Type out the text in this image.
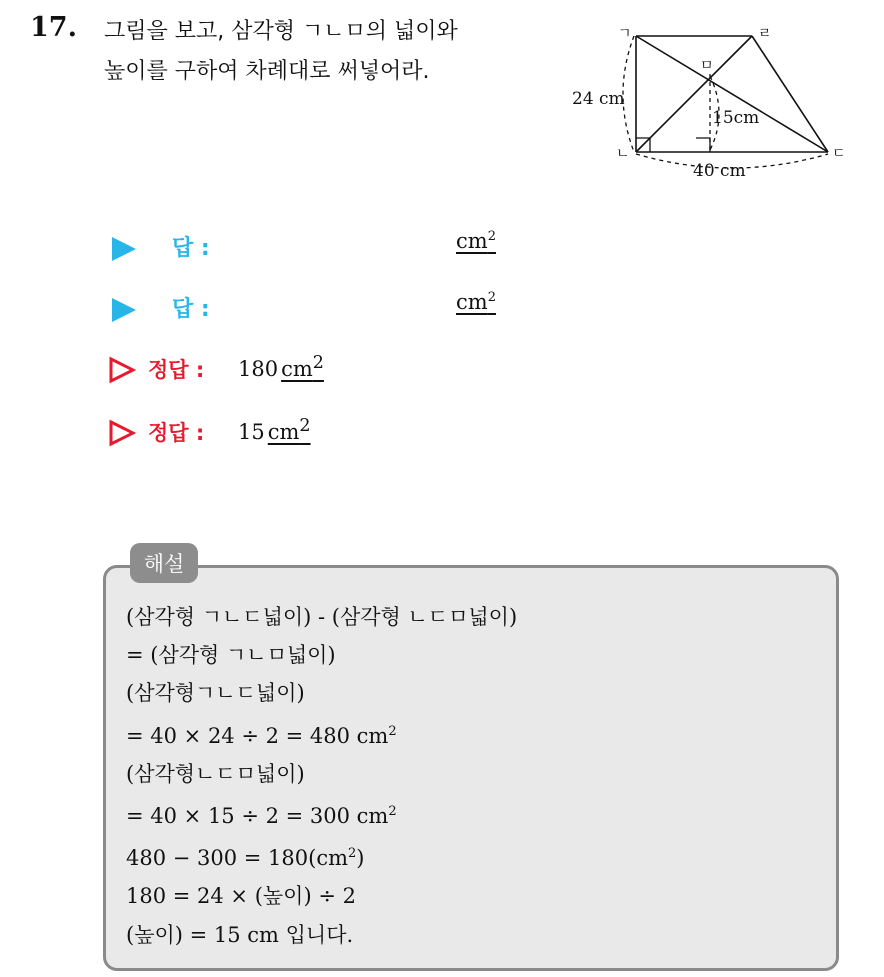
17. 그림을 보고, 삼각형 ㄱㄴㅁ의 넓이와
높이를 구하여 차례대로 써넣어라.
ㄱ	ㄹ
ㄴ	ㄷ
ㅁ
24 cm
15cm
40 cm
답 :	$cm^2$
답 :	$cm^2$
정답 : 180 $cm^2$
정답 : 15 $cm^2$
해설
(삼각형 ㄱㄴㄷ넓이) - (삼각형 ㄴㄷㅁ넓이)
= (삼각형 ㄱㄴㅁ넓이)
(삼각형ㄱㄴㄷ넓이)
= 40 × 24 ÷ 2 = 480 $cm^2$
(삼각형ㄴㄷㅁ넓이)
= 40 × 15 ÷ 2 = 300 $cm^2$
$480 - 300 = 180(cm^2)$
180 = 24 × (높이) ÷ 2
(높이) = 15 cm 입니다.
